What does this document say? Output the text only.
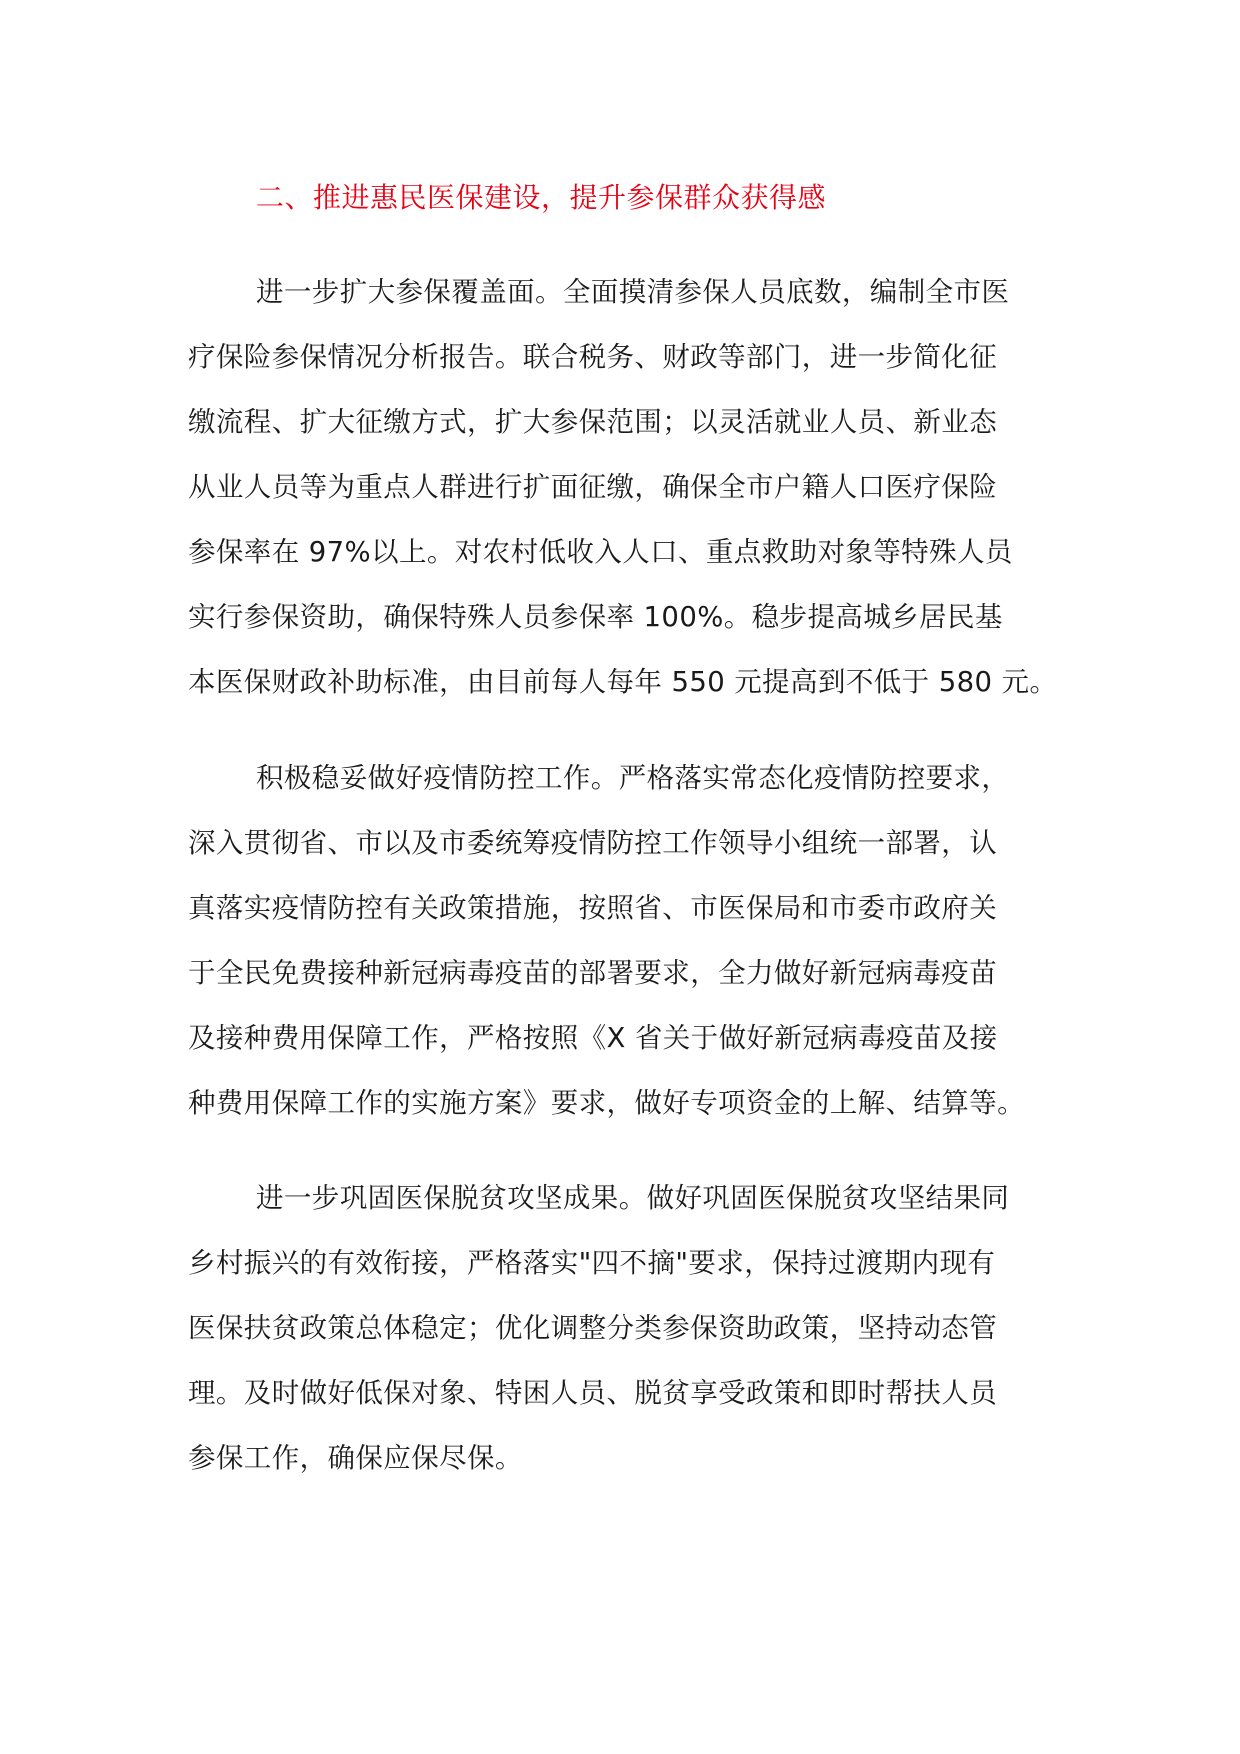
二、推进惠民医保建设，提升参保群众获得感
进一步扩大参保覆盖面。全面摸清参保人员底数，编制全市医
疗保险参保情况分析报告。联合税务、财政等部门，进一步简化征
缴流程、扩大征缴方式，扩大参保范围；以灵活就业人员、新业态
从业人员等为重点人群进行扩面征缴，确保全市户籍人口医疗保险
参保率在 97%以上。对农村低收入人口、重点救助对象等特殊人员
实行参保资助，确保特殊人员参保率 100%。稳步提高城乡居民基
本医保财政补助标准，由目前每人每年 550 元提高到不低于 580 元。
积极稳妥做好疫情防控工作。严格落实常态化疫情防控要求，
深入贯彻省、市以及市委统筹疫情防控工作领导小组统一部署，认
真落实疫情防控有关政策措施，按照省、市医保局和市委市政府关
于全民免费接种新冠病毒疫苗的部署要求，全力做好新冠病毒疫苗
及接种费用保障工作，严格按照《X 省关于做好新冠病毒疫苗及接
种费用保障工作的实施方案》要求，做好专项资金的上解、结算等。
进一步巩固医保脱贫攻坚成果。做好巩固医保脱贫攻坚结果同
乡村振兴的有效衔接，严格落实"四不摘"要求，保持过渡期内现有
医保扶贫政策总体稳定；优化调整分类参保资助政策，坚持动态管
理。及时做好低保对象、特困人员、脱贫享受政策和即时帮扶人员
参保工作，确保应保尽保。
